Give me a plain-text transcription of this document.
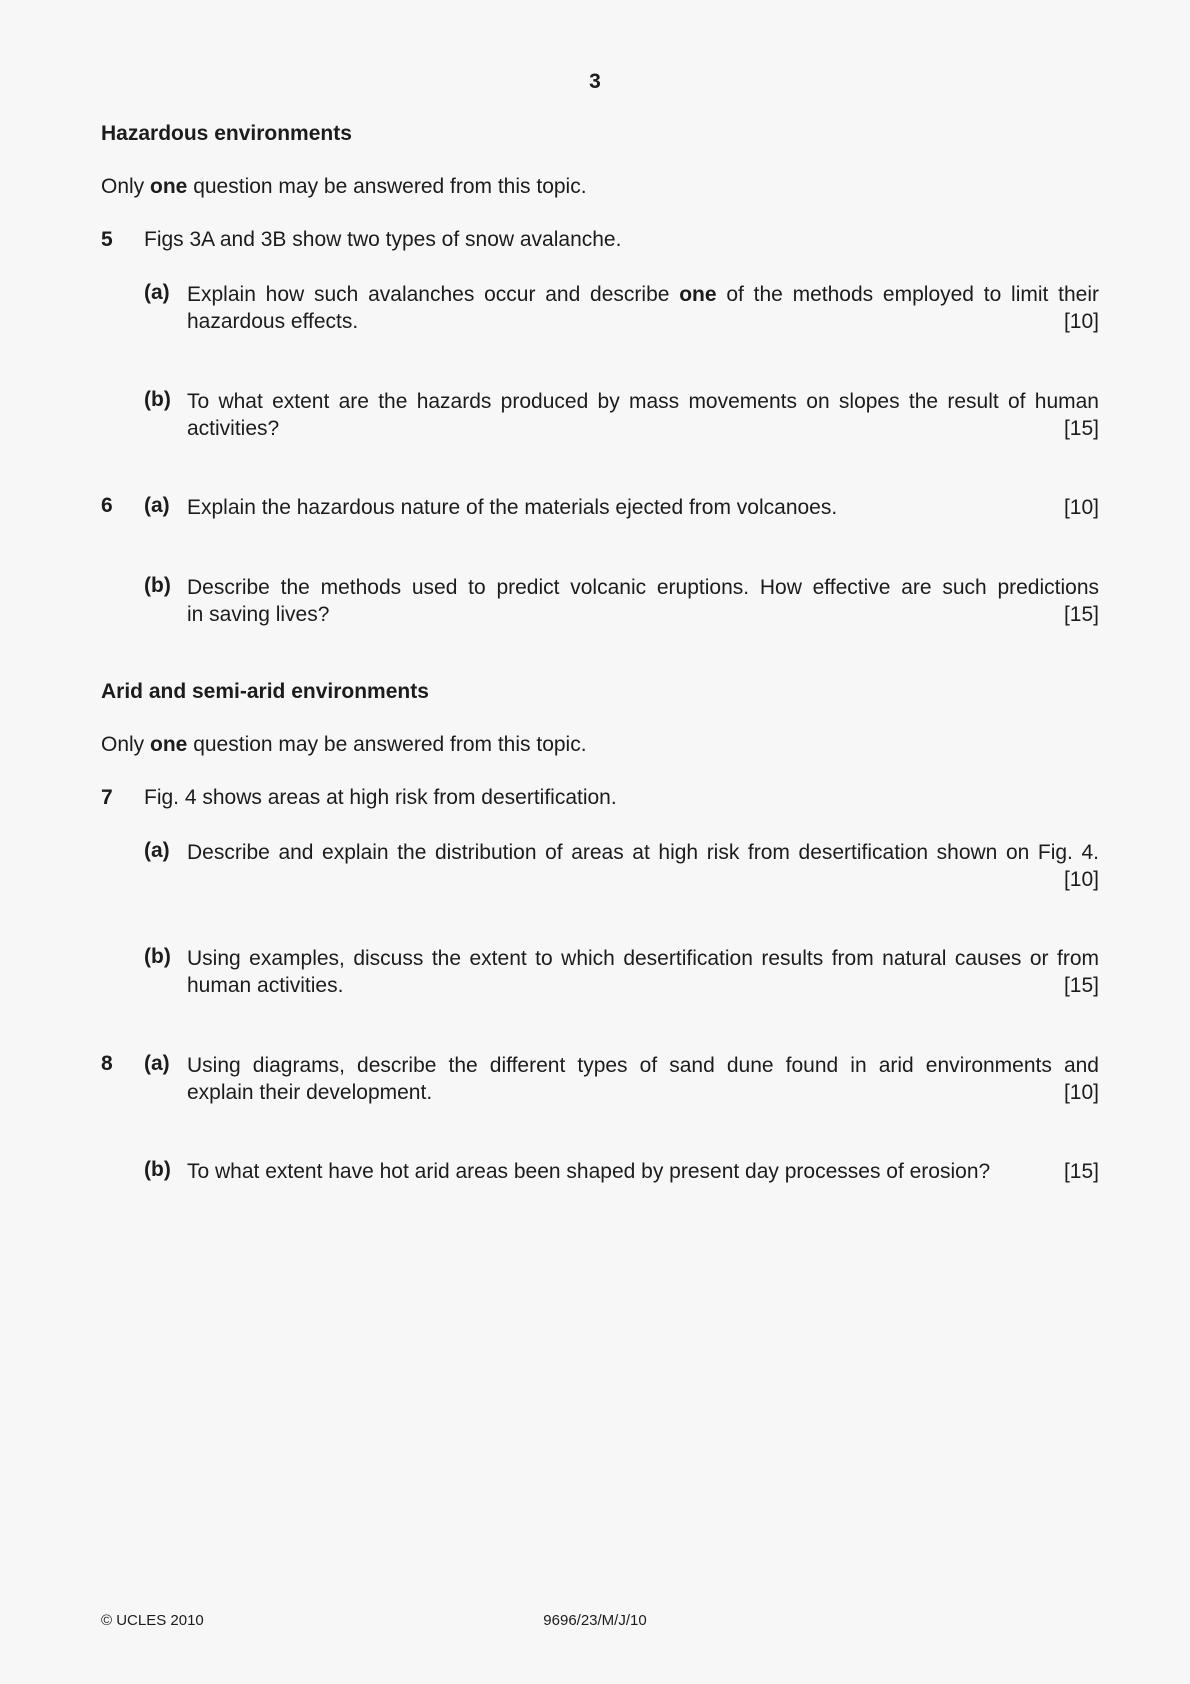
3
Hazardous environments
Only one question may be answered from this topic.
5 Figs 3A and 3B show two types of snow avalanche.
(a) Explain how such avalanches occur and describe one of the methods employed to limit their
hazardous effects.	[10]
(b) To what extent are the hazards produced by mass movements on slopes the result of human
activities?	[15]
6 (a) Explain the hazardous nature of the materials ejected from volcanoes.	[10]
(b) Describe the methods used to predict volcanic eruptions. How effective are such predictions
in saving lives?	[15]
Arid and semi-arid environments
Only one question may be answered from this topic.
7 Fig. 4 shows areas at high risk from desertification.
(a) Describe and explain the distribution of areas at high risk from desertification shown on Fig. 4.
[10]
(b) Using examples, discuss the extent to which desertification results from natural causes or from
human activities.	[15]
8 (a) Using diagrams, describe the different types of sand dune found in arid environments and
explain their development.	[10]
(b) To what extent have hot arid areas been shaped by present day processes of erosion?	[15]
© UCLES 2010	9696/23/M/J/10
